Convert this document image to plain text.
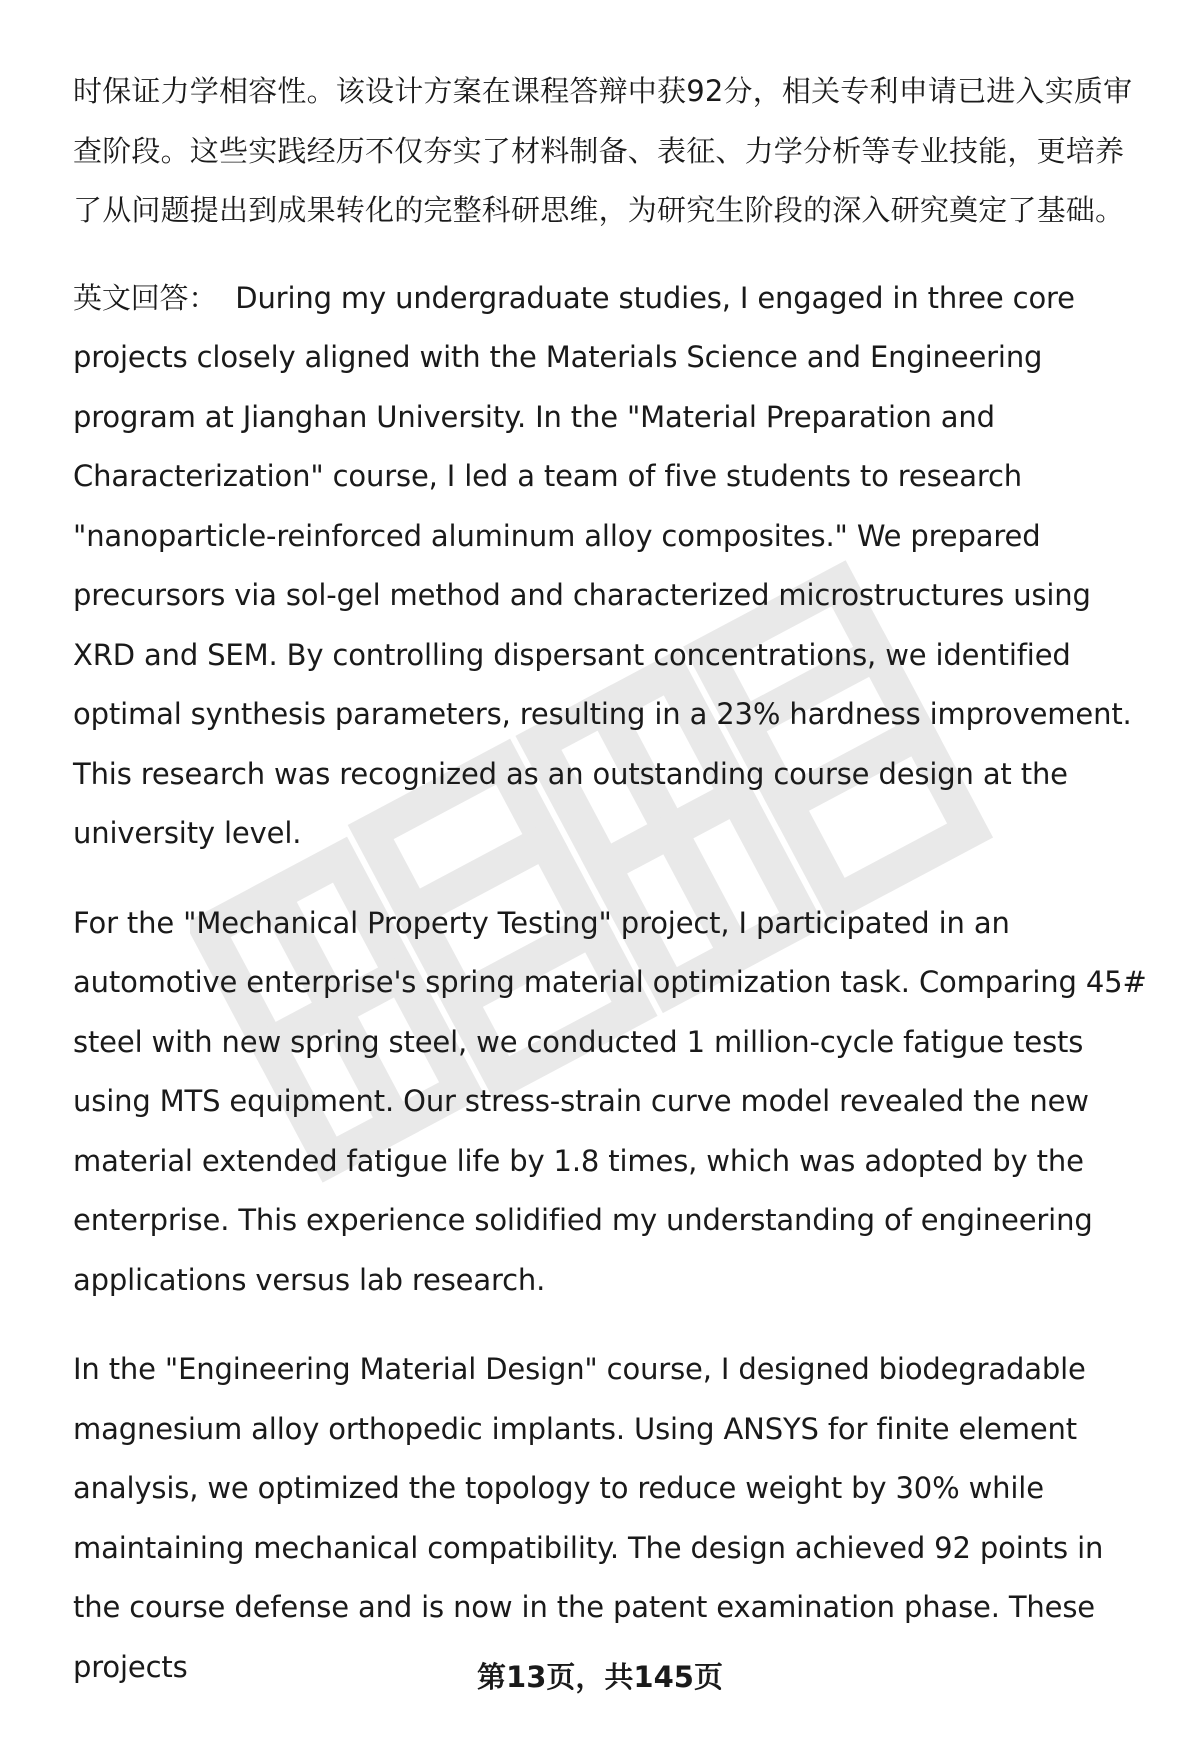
时保证力学相容性。该设计方案在课程答辩中获92分，相关专利申请已进入实质审查阶段。这些实践经历不仅夯实了材料制备、表征、力学分析等专业技能，更培养了从问题提出到成果转化的完整科研思维，为研究生阶段的深入研究奠定了基础。

英文回答： During my undergraduate studies, I engaged in three core projects closely aligned with the Materials Science and Engineering program at Jianghan University. In the "Material Preparation and Characterization" course, I led a team of five students to research "nanoparticle-reinforced aluminum alloy composites." We prepared precursors via sol-gel method and characterized microstructures using XRD and SEM. By controlling dispersant concentrations, we identified optimal synthesis parameters, resulting in a 23% hardness improvement. This research was recognized as an outstanding course design at the university level.

For the "Mechanical Property Testing" project, I participated in an automotive enterprise's spring material optimization task. Comparing 45# steel with new spring steel, we conducted 1 million-cycle fatigue tests using MTS equipment. Our stress-strain curve model revealed the new material extended fatigue life by 1.8 times, which was adopted by the enterprise. This experience solidified my understanding of engineering applications versus lab research.

In the "Engineering Material Design" course, I designed biodegradable magnesium alloy orthopedic implants. Using ANSYS for finite element analysis, we optimized the topology to reduce weight by 30% while maintaining mechanical compatibility. The design achieved 92 points in the course defense and is now in the patent examination phase. These projects	第13页，共145页
